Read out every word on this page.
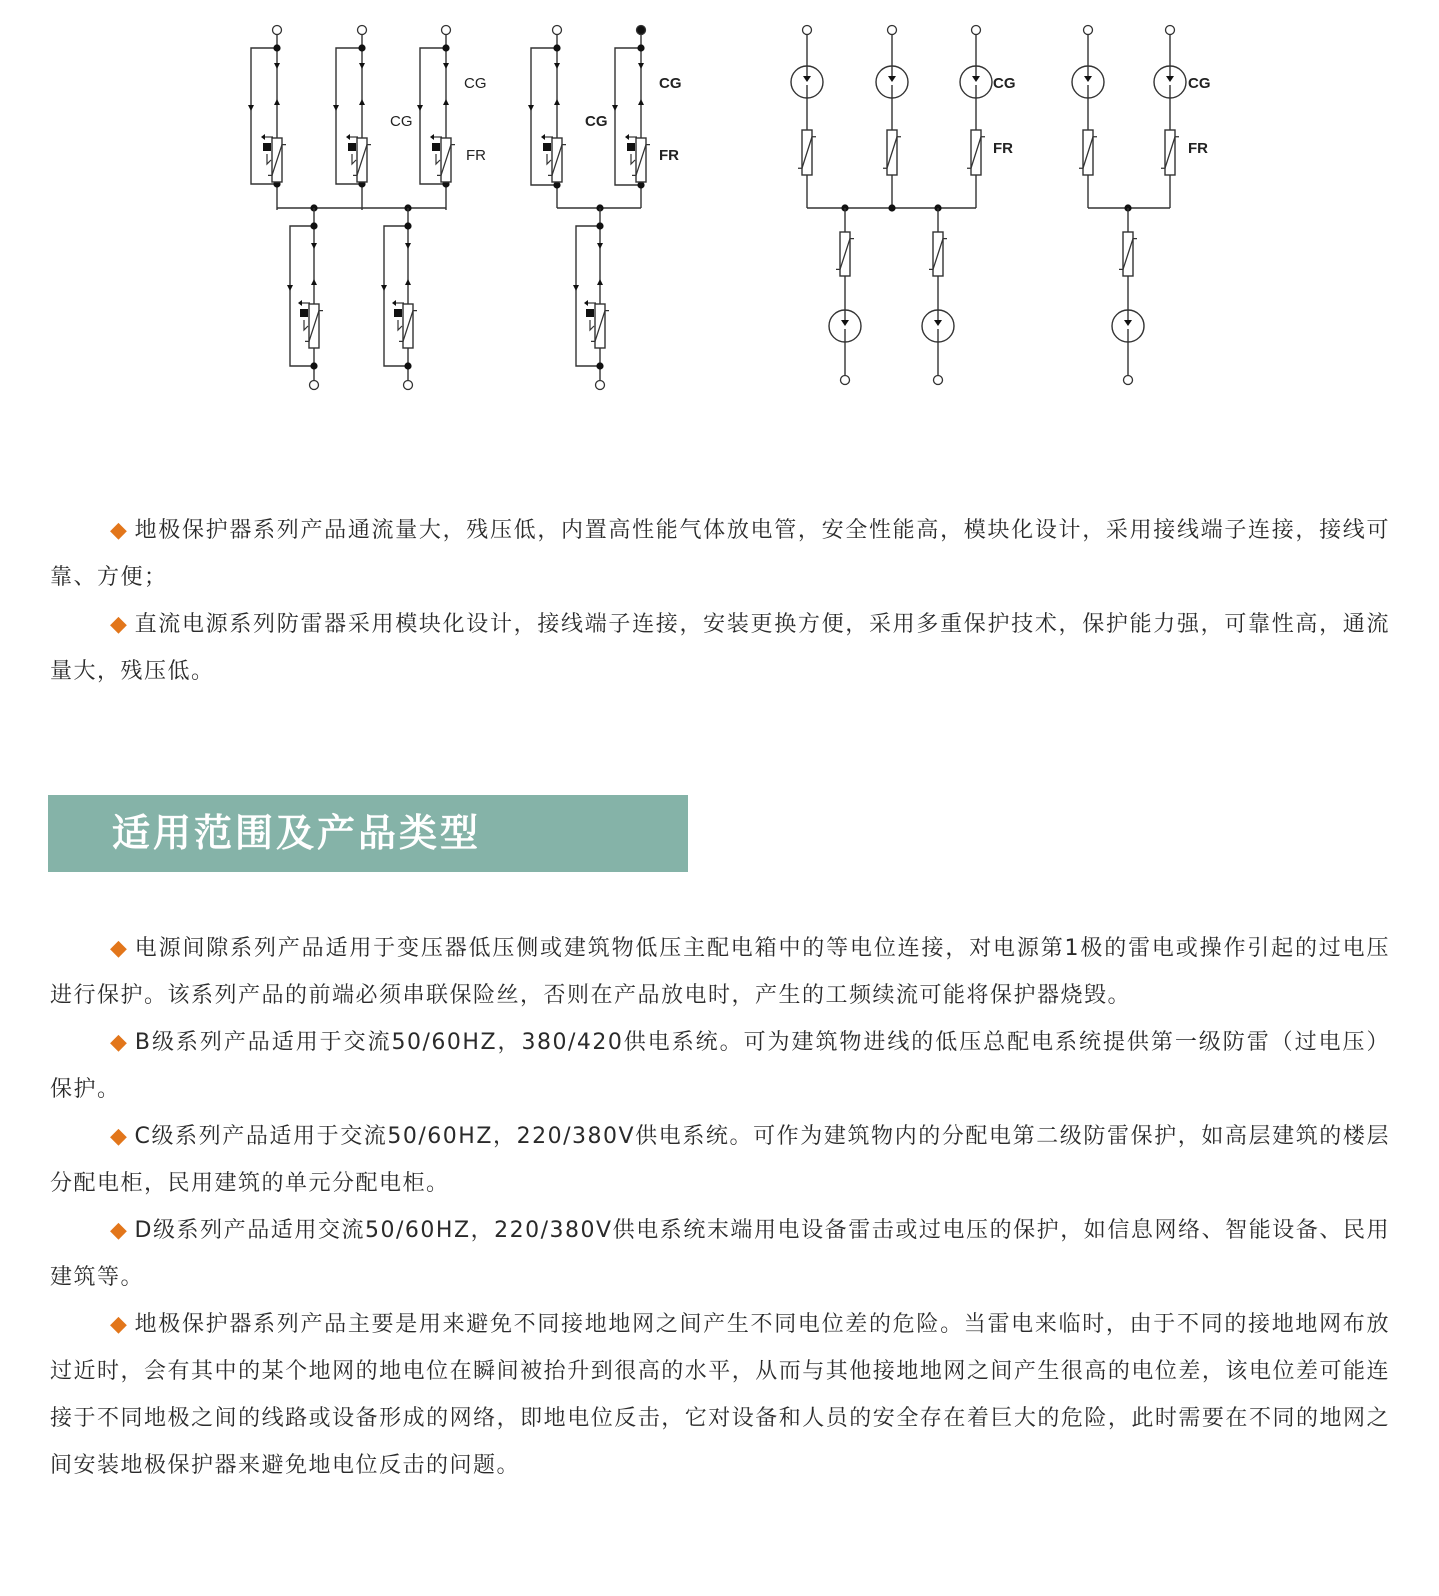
CG
CG
FR
CG
CG
FR
CG
FR
CG
FR

◆ 地极保护器系列产品通流量大，残压低，内置高性能气体放电管，安全性能高，模块化设计，采用接线端子连接，接线可靠、方便；

◆ 直流电源系列防雷器采用模块化设计，接线端子连接，安装更换方便，采用多重保护技术，保护能力强，可靠性高，通流量大，残压低。

适用范围及产品类型

◆ 电源间隙系列产品适用于变压器低压侧或建筑物低压主配电箱中的等电位连接，对电源第1极的雷电或操作引起的过电压进行保护。该系列产品的前端必须串联保险丝，否则在产品放电时，产生的工频续流可能将保护器烧毁。

◆ B级系列产品适用于交流50/60HZ，380/420供电系统。可为建筑物进线的低压总配电系统提供第一级防雷（过电压）保护。

◆ C级系列产品适用于交流50/60HZ，220/380V供电系统。可作为建筑物内的分配电第二级防雷保护，如高层建筑的楼层分配电柜，民用建筑的单元分配电柜。

◆ D级系列产品适用交流50/60HZ，220/380V供电系统末端用电设备雷击或过电压的保护，如信息网络、智能设备、民用建筑等。

◆ 地极保护器系列产品主要是用来避免不同接地地网之间产生不同电位差的危险。当雷电来临时，由于不同的接地地网布放过近时，会有其中的某个地网的地电位在瞬间被抬升到很高的水平，从而与其他接地地网之间产生很高的电位差，该电位差可能连接于不同地极之间的线路或设备形成的网络，即地电位反击，它对设备和人员的安全存在着巨大的危险，此时需要在不同的地网之间安装地极保护器来避免地电位反击的问题。
